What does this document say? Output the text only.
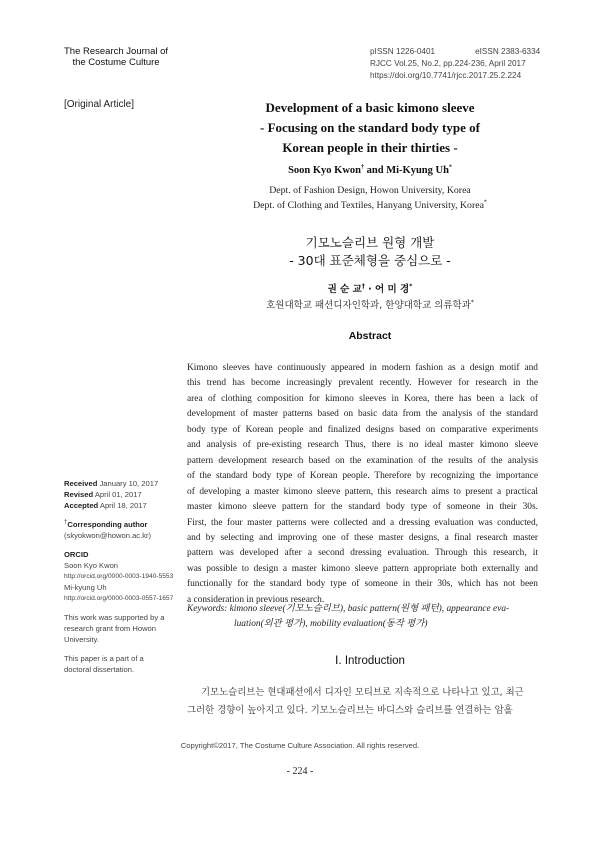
The Research Journal of
the Costume Culture
pISSN 1226-0401	eISSN 2383-6334
RJCC Vol.25, No.2, pp.224-236, April 2017
https://doi.org/10.7741/rjcc.2017.25.2.224
[Original Article]	Development of a basic kimono sleeve
- Focusing on the standard body type of
Korean people in their thirties -
Soon Kyo Kwon† and Mi-Kyung Uh*
Dept. of Fashion Design, Howon University, Korea
Dept. of Clothing and Textiles, Hanyang University, Korea*
기모노슬리브 원형 개발
- 30대 표준체형을 중심으로 -
권 순 교† · 어 미 경*
호원대학교 패션디자인학과, 한양대학교 의류학과*
Abstract
Kimono sleeves have continuously appeared in modern fashion as a design motif and
this trend has become increasingly prevalent recently. However for research in the
area of clothing composition for kimono sleeves in Korea, there has been a lack of
development of master patterns based on basic data from the analysis of the standard
body type of Korean people and finalized designs based on comparative experiments
and analysis of pre-existing research Thus, there is no ideal master kimono sleeve
pattern development research based on the examination of the results of the analysis
of the standard body type of Korean people. Therefore by recognizing the importance
of developing a master kimono sleeve pattern, this research aims to present a practical
master kimono sleeve pattern for the standard body type of someone in their 30s.
First, the four master patterns were collected and a dressing evaluation was conducted,
and by selecting and improving one of these master designs, a final research master
pattern was developed after a second dressing evaluation. Through this research, it
was possible to design a master kimono sleeve pattern appropriate both externally and
functionally for the standard body type of someone in their 30s, which has not been
a consideration in previous research.
Keywords: kimono sleeve(기모노슬리브), basic pattern(원형 패턴), appearance eva-
luation(외관 평가), mobility evaluation(동작 평가)
Received January 10, 2017
Revised April 01, 2017
Accepted April 18, 2017
†Corresponding author
(skyokwon@howon.ac.kr)
ORCID
Soon Kyo Kwon
http://orcid.org/0000-0003-1940-5553
Mi-kyung Uh
http://orcid.org/0000-0003-0557-1657
This work was supported by a
research grant from Howon
University.
This paper is a part of a
doctoral dissertation.
Ⅰ. Introduction
기모노슬리브는 현대패션에서 디자인 모티브로 지속적으로 나타나고 있고, 최근
그러한 경향이 높아지고 있다. 기모노슬리브는 바디스와 슬리브를 연결하는 암홀
Copyright©2017, The Costume Culture Association. All rights reserved.
- 224 -
